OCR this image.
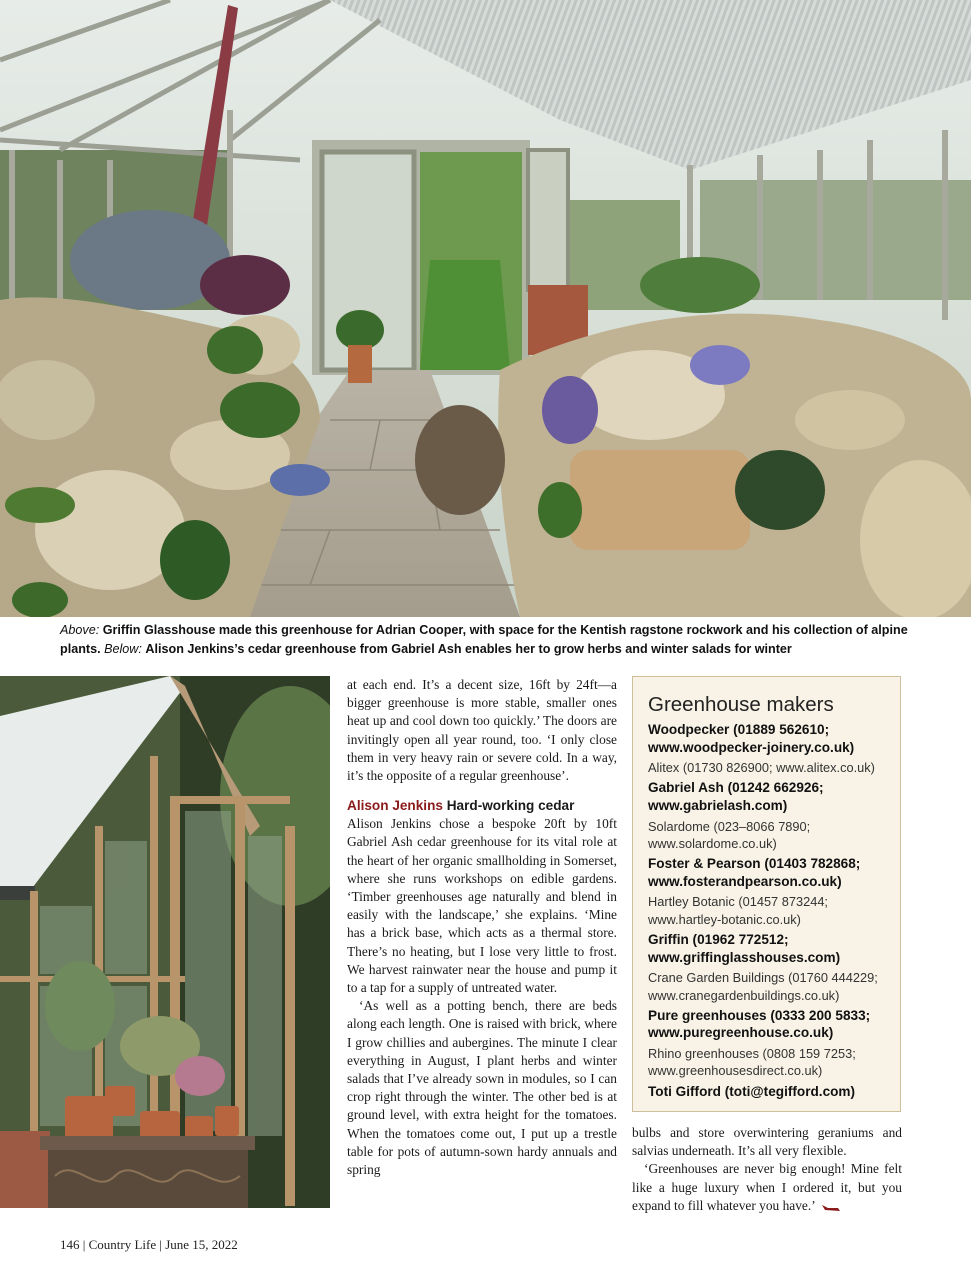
Above: Griffin Glasshouse made this greenhouse for Adrian Cooper, with space for the Kentish ragstone rockwork and his collection of alpine plants. Below: Alison Jenkins’s cedar greenhouse from Gabriel Ash enables her to grow herbs and winter salads for winter

at each end. It’s a decent size, 16ft by 24ft—a bigger greenhouse is more stable, smaller ones heat up and cool down too quickly.’ The doors are invitingly open all year round, too. ‘I only close them in very heavy rain or severe cold. In a way, it’s the opposite of a regular greenhouse’.

Alison Jenkins Hard-working cedar

Alison Jenkins chose a bespoke 20ft by 10ft Gabriel Ash cedar greenhouse for its vital role at the heart of her organic smallholding in Somerset, where she runs workshops on edible gardens. ‘Timber greenhouses age naturally and blend in easily with the landscape,’ she explains. ‘Mine has a brick base, which acts as a thermal store. There’s no heating, but I lose very little to frost. We harvest rainwater near the house and pump it to a tap for a supply of untreated water.

‘As well as a potting bench, there are beds along each length. One is raised with brick, where I grow chillies and aubergines. The minute I clear everything in August, I plant herbs and winter salads that I’ve already sown in modules, so I can crop right through the winter. The other bed is at ground level, with extra height for the tomatoes. When the tomatoes come out, I put up a trestle table for pots of autumn-sown hardy annuals and spring

Greenhouse makers
Woodpecker (01889 562610; www.woodpecker-joinery.co.uk)
Alitex (01730 826900; www.alitex.co.uk)
Gabriel Ash (01242 662926; www.gabrielash.com)
Solardome (023–8066 7890; www.solardome.co.uk)
Foster & Pearson (01403 782868; www.fosterandpearson.co.uk)
Hartley Botanic (01457 873244; www.hartley-botanic.co.uk)
Griffin (01962 772512; www.griffinglasshouses.com)
Crane Garden Buildings (01760 444229; www.cranegardenbuildings.co.uk)
Pure greenhouses (0333 200 5833; www.puregreenhouse.co.uk)
Rhino greenhouses (0808 159 7253; www.greenhousesdirect.co.uk)
Toti Gifford (toti@tegifford.com)

bulbs and store overwintering geraniums and salvias underneath. It’s all very flexible.

‘Greenhouses are never big enough! Mine felt like a huge luxury when I ordered it, but you expand to fill whatever you have.’

146 | Country Life | June 15, 2022
